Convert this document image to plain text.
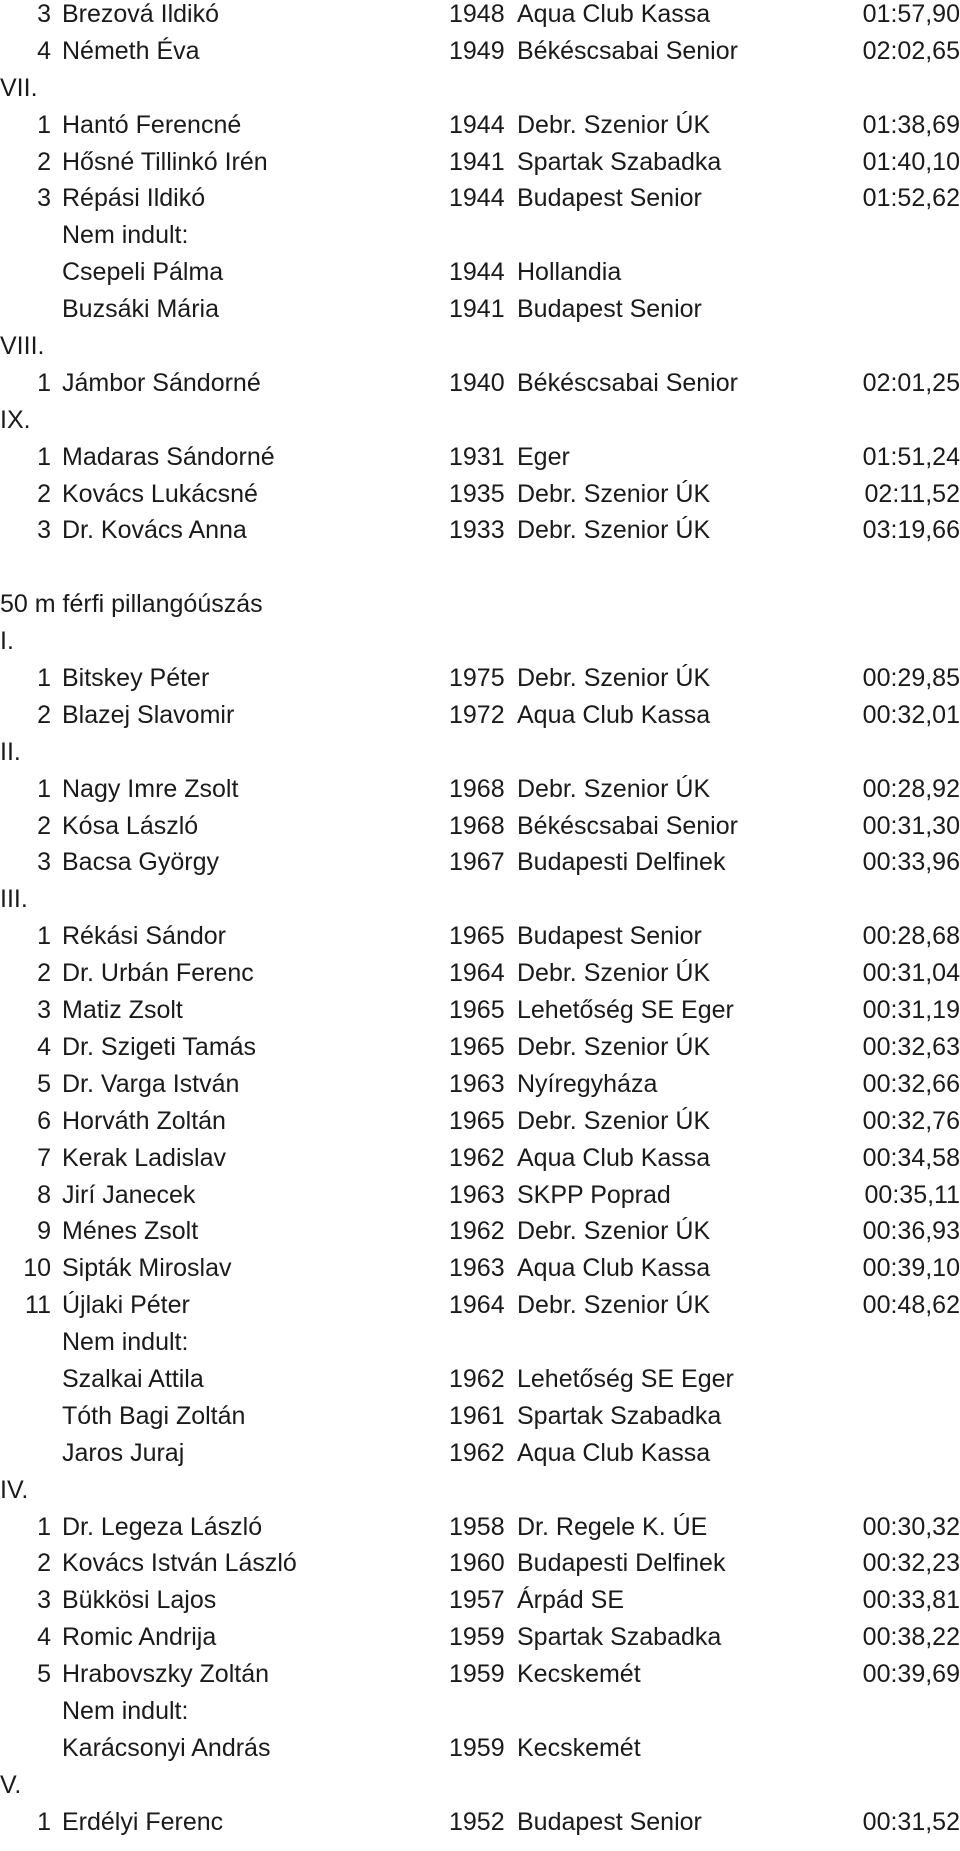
3 Brezová Ildikó	1948 Aqua Club Kassa	01:57,90
4 Németh Éva	1949 Békéscsabai Senior	02:02,65
VII.
1 Hantó Ferencné	1944 Debr. Szenior ÚK	01:38,69
2 Hősné Tillinkó Irén	1941 Spartak Szabadka	01:40,10
3 Répási Ildikó	1944 Budapest Senior	01:52,62
Nem indult:
Csepeli Pálma	1944 Hollandia
Buzsáki Mária	1941 Budapest Senior
VIII.
1 Jámbor Sándorné	1940 Békéscsabai Senior	02:01,25
IX.
1 Madaras Sándorné	1931 Eger	01:51,24
2 Kovács Lukácsné	1935 Debr. Szenior ÚK	02:11,52
3 Dr. Kovács Anna	1933 Debr. Szenior ÚK	03:19,66
50 m férfi pillangóúszás
I.
1 Bitskey Péter	1975 Debr. Szenior ÚK	00:29,85
2 Blazej Slavomir	1972 Aqua Club Kassa	00:32,01
II.
1 Nagy Imre Zsolt	1968 Debr. Szenior ÚK	00:28,92
2 Kósa László	1968 Békéscsabai Senior	00:31,30
3 Bacsa György	1967 Budapesti Delfinek	00:33,96
III.
1 Rékási Sándor	1965 Budapest Senior	00:28,68
2 Dr. Urbán Ferenc	1964 Debr. Szenior ÚK	00:31,04
3 Matiz Zsolt	1965 Lehetőség SE Eger	00:31,19
4 Dr. Szigeti Tamás	1965 Debr. Szenior ÚK	00:32,63
5 Dr. Varga István	1963 Nyíregyháza	00:32,66
6 Horváth Zoltán	1965 Debr. Szenior ÚK	00:32,76
7 Kerak Ladislav	1962 Aqua Club Kassa	00:34,58
8 Jirí Janecek	1963 SKPP Poprad	00:35,11
9 Ménes Zsolt	1962 Debr. Szenior ÚK	00:36,93
10 Sipták Miroslav	1963 Aqua Club Kassa	00:39,10
11 Újlaki Péter	1964 Debr. Szenior ÚK	00:48,62
Nem indult:
Szalkai Attila	1962 Lehetőség SE Eger
Tóth Bagi Zoltán	1961 Spartak Szabadka
Jaros Juraj	1962 Aqua Club Kassa
IV.
1 Dr. Legeza László	1958 Dr. Regele K. ÚE	00:30,32
2 Kovács István László	1960 Budapesti Delfinek	00:32,23
3 Bükkösi Lajos	1957 Árpád SE	00:33,81
4 Romic Andrija	1959 Spartak Szabadka	00:38,22
5 Hrabovszky Zoltán	1959 Kecskemét	00:39,69
Nem indult:
Karácsonyi András	1959 Kecskemét
V.
1 Erdélyi Ferenc	1952 Budapest Senior	00:31,52
